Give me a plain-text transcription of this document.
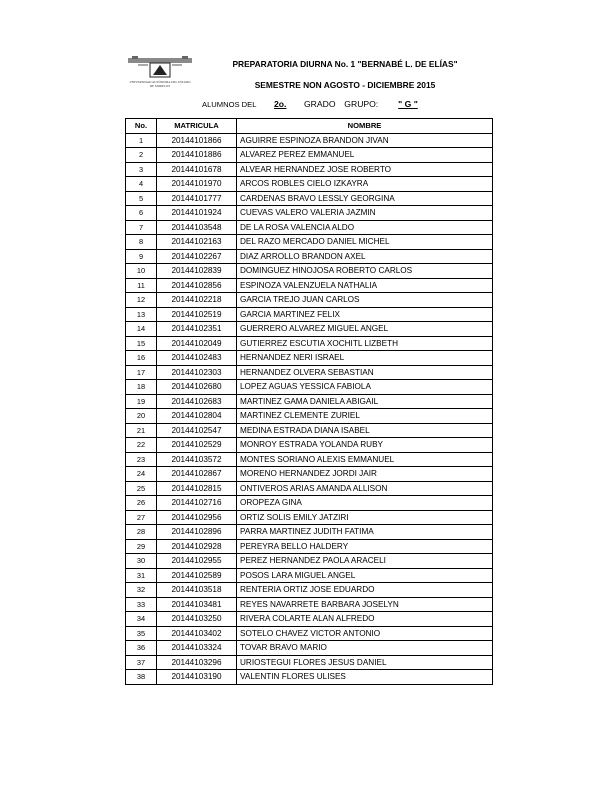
UNIVERSIDAD AUTÓNOMA DEL ESTADO DE MORELOS
PREPARATORIA DIURNA No. 1 "BERNABÉ L. DE ELÍAS"
SEMESTRE NON AGOSTO - DICIEMBRE 2015
ALUMNOS DEL 2o. GRADO GRUPO: " G "
No.	MATRICULA	NOMBRE
1	20144101866	AGUIRRE ESPINOZA BRANDON JIVAN
2	20144101886	ALVAREZ PEREZ EMMANUEL
3	20144101678	ALVEAR HERNANDEZ JOSE ROBERTO
4	20144101970	ARCOS ROBLES CIELO IZKAYRA
5	20144101777	CARDENAS BRAVO LESSLY GEORGINA
6	20144101924	CUEVAS VALERO VALERIA JAZMIN
7	20144103548	DE LA ROSA VALENCIA ALDO
8	20144102163	DEL RAZO MERCADO DANIEL MICHEL
9	20144102267	DIAZ ARROLLO BRANDON AXEL
10	20144102839	DOMINGUEZ HINOJOSA ROBERTO CARLOS
11	20144102856	ESPINOZA VALENZUELA NATHALIA
12	20144102218	GARCIA TREJO JUAN CARLOS
13	20144102519	GARCIA MARTINEZ FELIX
14	20144102351	GUERRERO ALVAREZ MIGUEL ANGEL
15	20144102049	GUTIERREZ ESCUTIA XOCHITL LIZBETH
16	20144102483	HERNANDEZ NERI ISRAEL
17	20144102303	HERNANDEZ OLVERA SEBASTIAN
18	20144102680	LOPEZ AGUAS YESSICA FABIOLA
19	20144102683	MARTINEZ GAMA DANIELA ABIGAIL
20	20144102804	MARTINEZ CLEMENTE ZURIEL
21	20144102547	MEDINA ESTRADA DIANA ISABEL
22	20144102529	MONROY ESTRADA YOLANDA RUBY
23	20144103572	MONTES SORIANO ALEXIS EMMANUEL
24	20144102867	MORENO HERNANDEZ JORDI JAIR
25	20144102815	ONTIVEROS ARIAS AMANDA ALLISON
26	20144102716	OROPEZA GINA
27	20144102956	ORTIZ SOLIS EMILY JATZIRI
28	20144102896	PARRA MARTINEZ JUDITH FATIMA
29	20144102928	PEREYRA BELLO HALDERY
30	20144102955	PEREZ HERNANDEZ PAOLA ARACELI
31	20144102589	POSOS LARA MIGUEL ANGEL
32	20144103518	RENTERIA ORTIZ JOSE EDUARDO
33	20144103481	REYES NAVARRETE BARBARA JOSELYN
34	20144103250	RIVERA COLARTE ALAN ALFREDO
35	20144103402	SOTELO CHAVEZ VICTOR ANTONIO
36	20144103324	TOVAR BRAVO MARIO
37	20144103296	URIOSTEGUI FLORES JESUS DANIEL
38	20144103190	VALENTIN FLORES ULISES
